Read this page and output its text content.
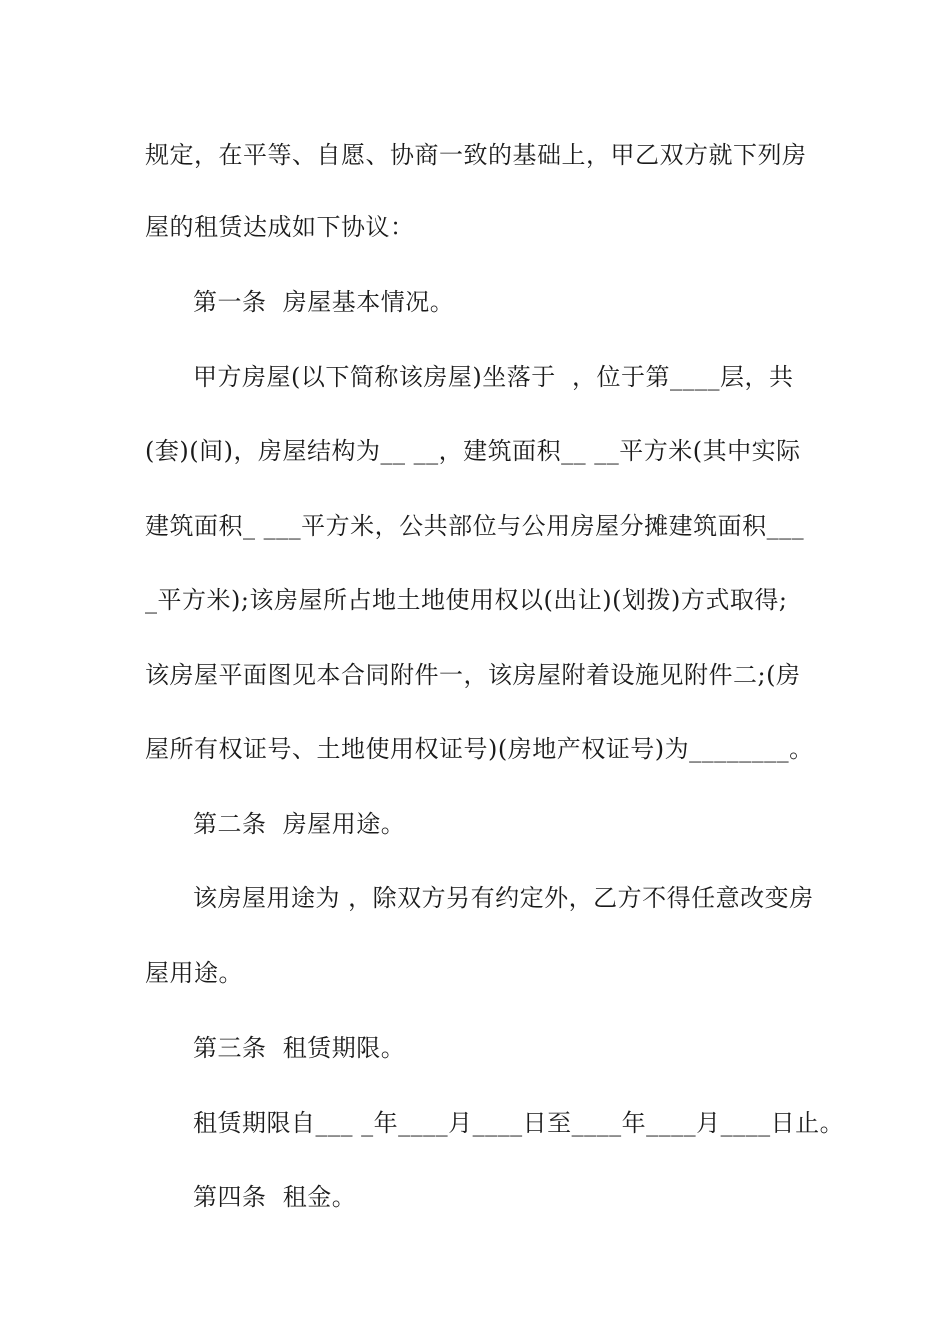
规定，在平等、自愿、协商一致的基础上，甲乙双方就下列房
屋的租赁达成如下协议：
第一条  房屋基本情况。
甲方房屋(以下简称该房屋)坐落于  ，位于第____层，共
(套)(间)，房屋结构为__ __，建筑面积__ __平方米(其中实际
建筑面积_ ___平方米，公共部位与公用房屋分摊建筑面积___
_平方米);该房屋所占地土地使用权以(出让)(划拨)方式取得;
该房屋平面图见本合同附件一，该房屋附着设施见附件二;(房
屋所有权证号、土地使用权证号)(房地产权证号)为________。
第二条  房屋用途。
该房屋用途为 ，除双方另有约定外，乙方不得任意改变房
屋用途。
第三条  租赁期限。
租赁期限自___ _年____月____日至____年____月____日止。
第四条  租金。
